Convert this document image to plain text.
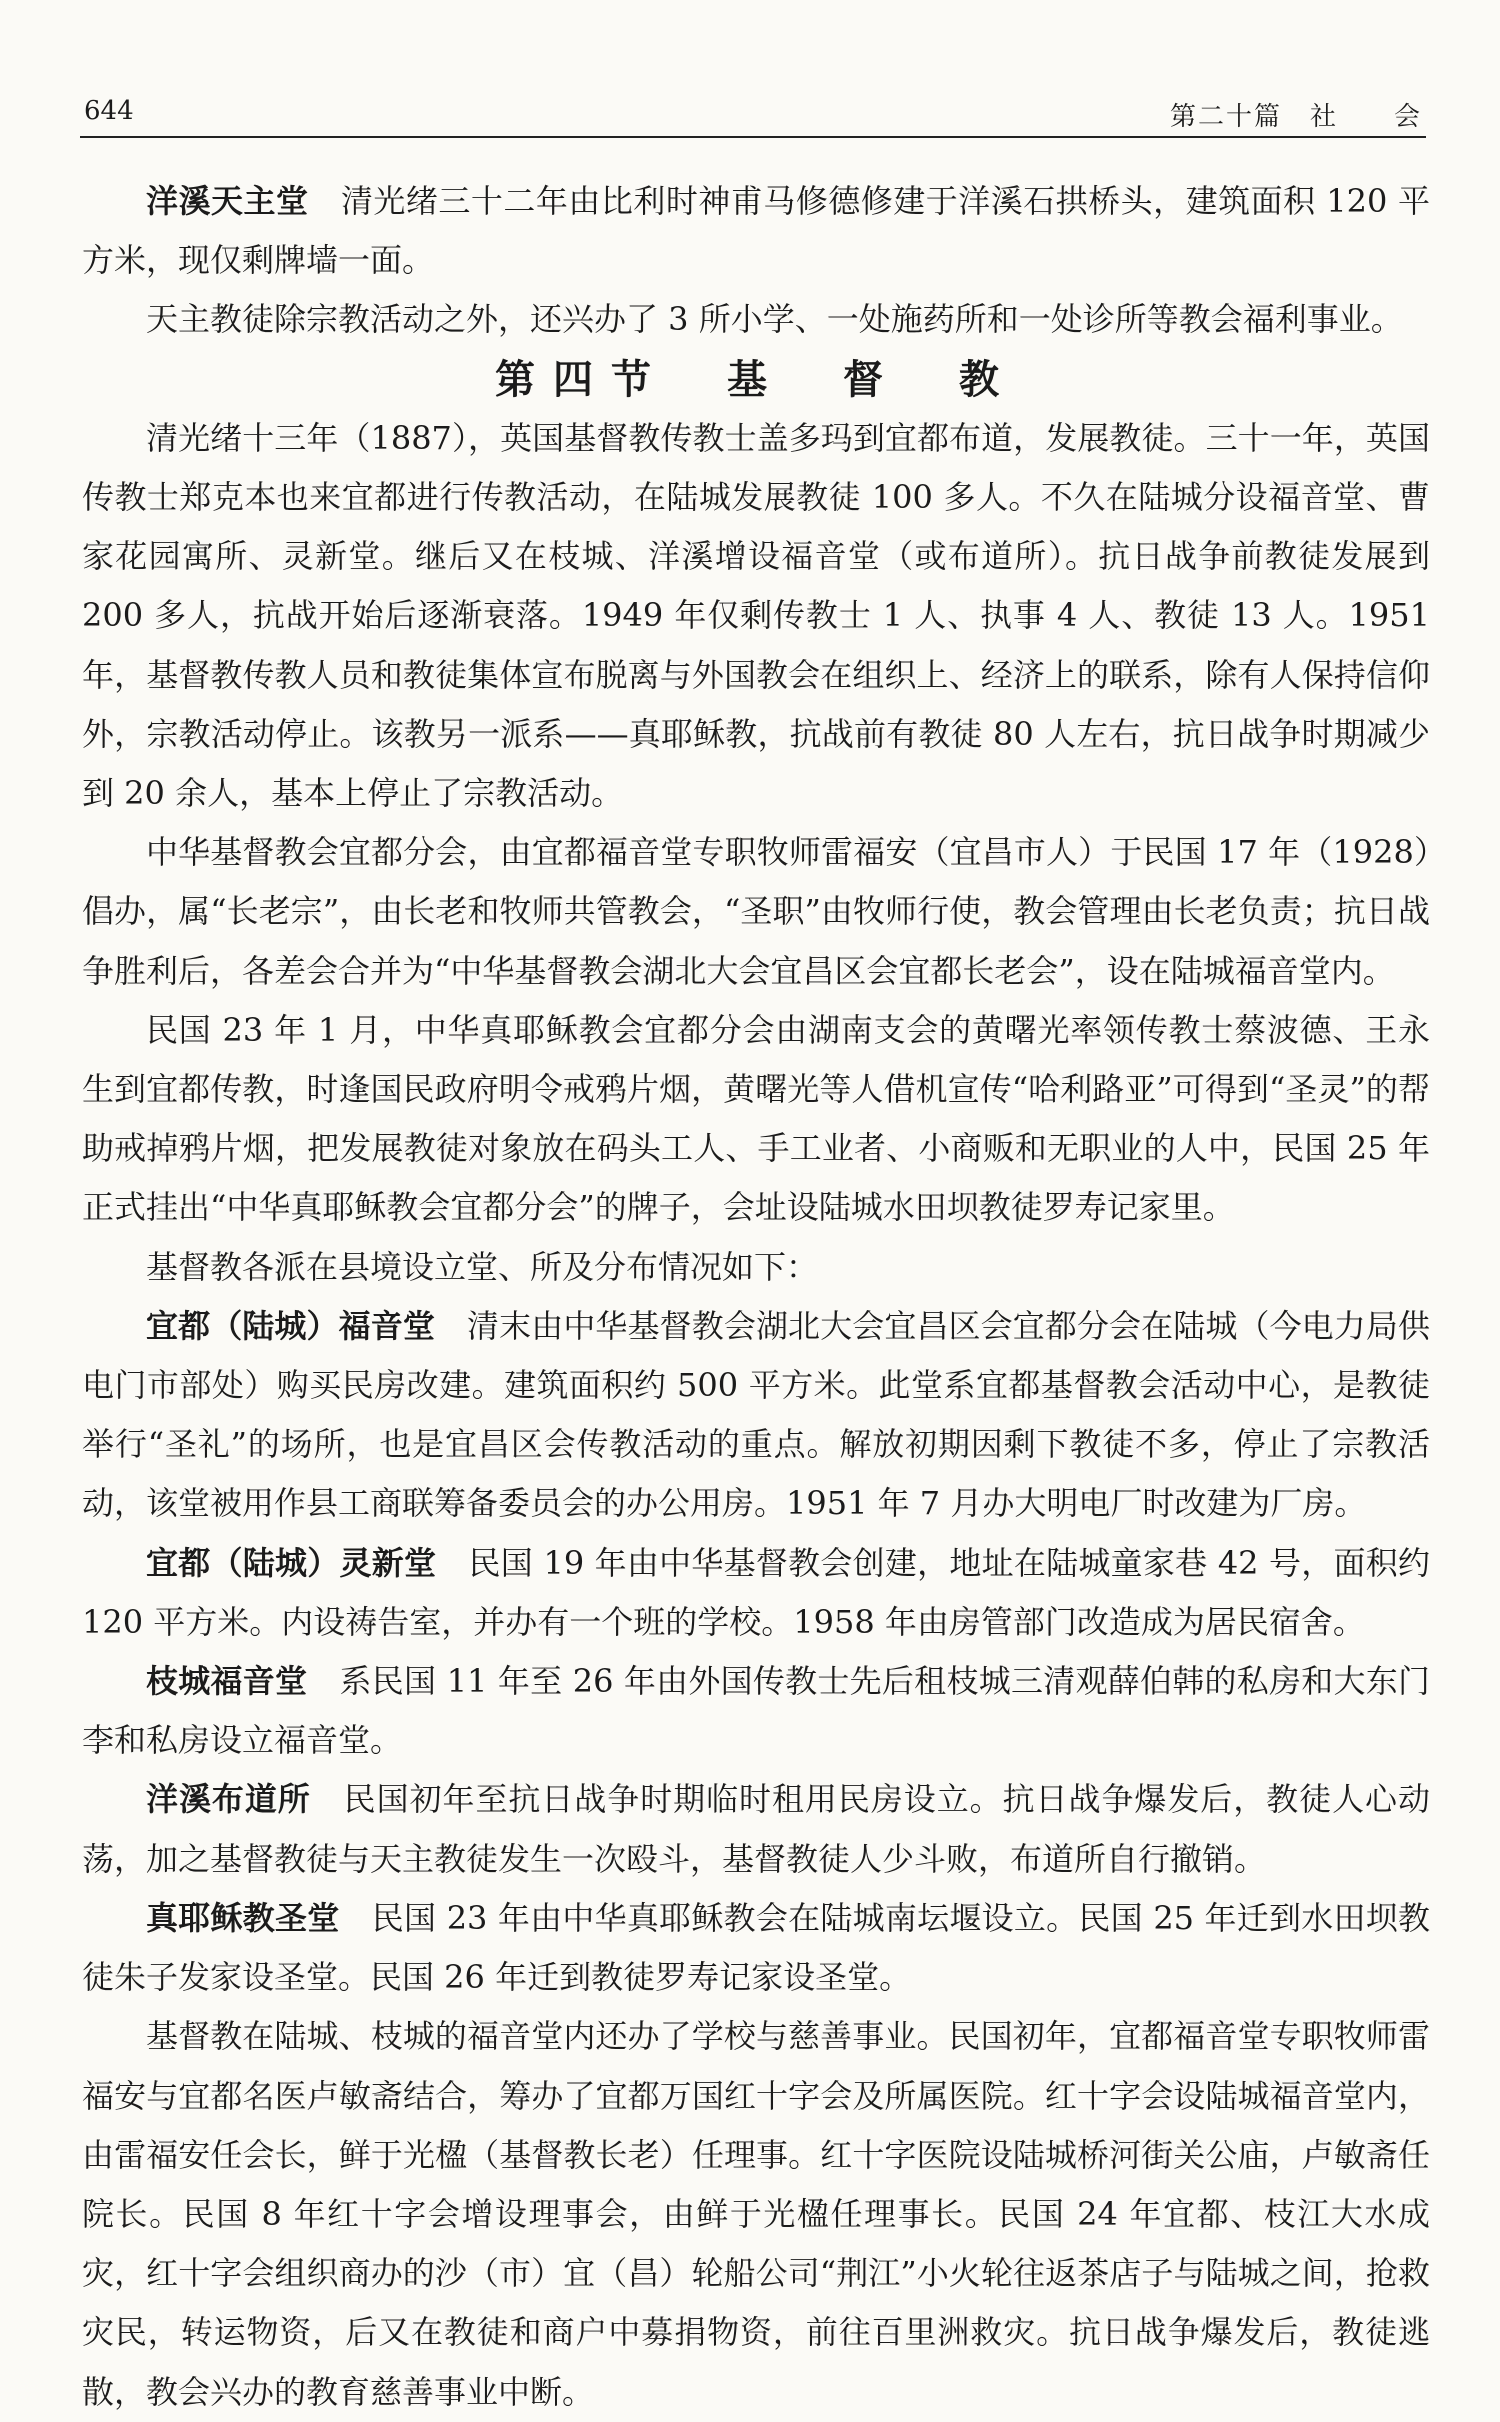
644	第二十篇　社　　会

洋溪天主堂　清光绪三十二年由比利时神甫马修德修建于洋溪石拱桥头，建筑面积 120 平方米，现仅剩牌墙一面。

天主教徒除宗教活动之外，还兴办了 3 所小学、一处施药所和一处诊所等教会福利事业。

第四节　基　督　教

清光绪十三年（1887），英国基督教传教士盖多玛到宜都布道，发展教徒。三十一年，英国传教士郑克本也来宜都进行传教活动，在陆城发展教徒 100 多人。不久在陆城分设福音堂、曹家花园寓所、灵新堂。继后又在枝城、洋溪增设福音堂（或布道所）。抗日战争前教徒发展到 200 多人，抗战开始后逐渐衰落。1949 年仅剩传教士 1 人、执事 4 人、教徒 13 人。1951 年，基督教传教人员和教徒集体宣布脱离与外国教会在组织上、经济上的联系，除有人保持信仰外，宗教活动停止。该教另一派系——真耶稣教，抗战前有教徒 80 人左右，抗日战争时期减少到 20 余人，基本上停止了宗教活动。

中华基督教会宜都分会，由宜都福音堂专职牧师雷福安（宜昌市人）于民国 17 年（1928）倡办，属“长老宗”，由长老和牧师共管教会，“圣职”由牧师行使，教会管理由长老负责；抗日战争胜利后，各差会合并为“中华基督教会湖北大会宜昌区会宜都长老会”，设在陆城福音堂内。

民国 23 年 1 月，中华真耶稣教会宜都分会由湖南支会的黄曙光率领传教士蔡波德、王永生到宜都传教，时逢国民政府明令戒鸦片烟，黄曙光等人借机宣传“哈利路亚”可得到“圣灵”的帮助戒掉鸦片烟，把发展教徒对象放在码头工人、手工业者、小商贩和无职业的人中，民国 25 年正式挂出“中华真耶稣教会宜都分会”的牌子，会址设陆城水田坝教徒罗寿记家里。

基督教各派在县境设立堂、所及分布情况如下：

宜都（陆城）福音堂　清末由中华基督教会湖北大会宜昌区会宜都分会在陆城（今电力局供电门市部处）购买民房改建。建筑面积约 500 平方米。此堂系宜都基督教会活动中心，是教徒举行“圣礼”的场所，也是宜昌区会传教活动的重点。解放初期因剩下教徒不多，停止了宗教活动，该堂被用作县工商联筹备委员会的办公用房。1951 年 7 月办大明电厂时改建为厂房。

宜都（陆城）灵新堂　民国 19 年由中华基督教会创建，地址在陆城童家巷 42 号，面积约 120 平方米。内设祷告室，并办有一个班的学校。1958 年由房管部门改造成为居民宿舍。

枝城福音堂　系民国 11 年至 26 年由外国传教士先后租枝城三清观薛伯韩的私房和大东门李和私房设立福音堂。

洋溪布道所　民国初年至抗日战争时期临时租用民房设立。抗日战争爆发后，教徒人心动荡，加之基督教徒与天主教徒发生一次殴斗，基督教徒人少斗败，布道所自行撤销。

真耶稣教圣堂　民国 23 年由中华真耶稣教会在陆城南坛堰设立。民国 25 年迁到水田坝教徒朱子发家设圣堂。民国 26 年迁到教徒罗寿记家设圣堂。

基督教在陆城、枝城的福音堂内还办了学校与慈善事业。民国初年，宜都福音堂专职牧师雷福安与宜都名医卢敏斋结合，筹办了宜都万国红十字会及所属医院。红十字会设陆城福音堂内，由雷福安任会长，鲜于光楹（基督教长老）任理事。红十字医院设陆城桥河街关公庙，卢敏斋任院长。民国 8 年红十字会增设理事会，由鲜于光楹任理事长。民国 24 年宜都、枝江大水成灾，红十字会组织商办的沙（市）宜（昌）轮船公司“荆江”小火轮往返茶店子与陆城之间，抢救灾民，转运物资，后又在教徒和商户中募捐物资，前往百里洲救灾。抗日战争爆发后，教徒逃散，教会兴办的教育慈善事业中断。
